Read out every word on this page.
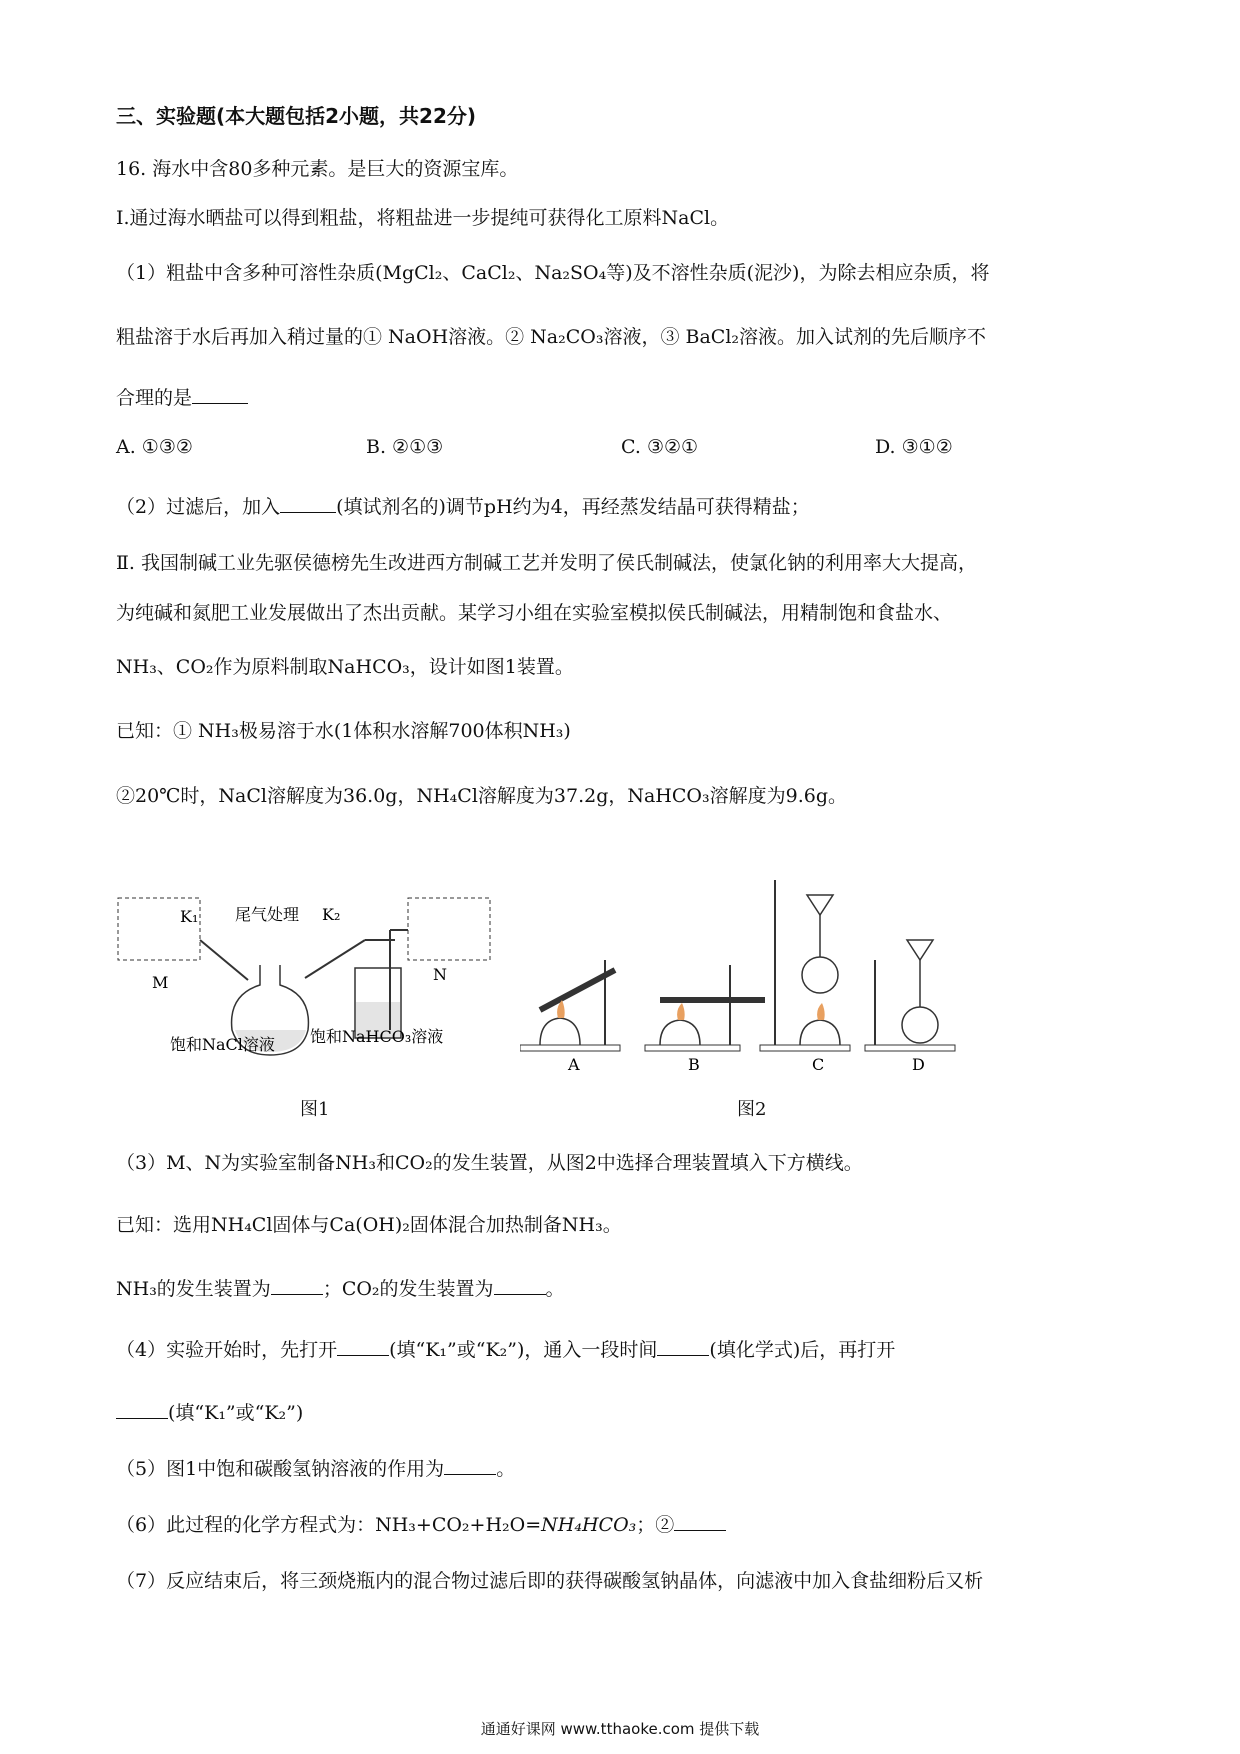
三、实验题(本大题包括2小题，共22分)
16. 海水中含80多种元素。是巨大的资源宝库。
Ⅰ.通过海水晒盐可以得到粗盐，将粗盐进一步提纯可获得化工原料NaCl。
（1）粗盐中含多种可溶性杂质(MgCl₂、CaCl₂、Na₂SO₄等)及不溶性杂质(泥沙)，为除去相应杂质，将
粗盐溶于水后再加入稍过量的① NaOH溶液。② Na₂CO₃溶液，③ BaCl₂溶液。加入试剂的先后顺序不
合理的是
A. ①③②	B. ②①③	C. ③②①	D. ③①②
（2）过滤后，加入	(填试剂名的)调节pH约为4，再经蒸发结晶可获得精盐；
Ⅱ. 我国制碱工业先驱侯德榜先生改进西方制碱工艺并发明了侯氏制碱法，使氯化钠的利用率大大提高，
为纯碱和氮肥工业发展做出了杰出贡献。某学习小组在实验室模拟侯氏制碱法，用精制饱和食盐水、
NH₃、CO₂作为原料制取NaHCO₃，设计如图1装置。
已知：① NH₃极易溶于水(1体积水溶解700体积NH₃)
②20℃时，NaCl溶解度为36.0g，NH₄Cl溶解度为37.2g，NaHCO₃溶解度为9.6g。
K₁ 尾气处理 K₂
M	N
饱和NaCl溶液 饱和NaHCO₃溶液
图1
A	B	C	D
图2
（3）M、N为实验室制备NH₃和CO₂的发生装置，从图2中选择合理装置填入下方横线。
已知：选用NH₄Cl固体与Ca(OH)₂固体混合加热制备NH₃。
NH₃的发生装置为	；CO₂的发生装置为	。
（4）实验开始时，先打开	(填“K₁”或“K₂”)，通入一段时间	(填化学式)后，再打开
(填“K₁”或“K₂”)
（5）图1中饱和碳酸氢钠溶液的作用为	。
（6）此过程的化学方程式为：NH₃+CO₂+H₂O=NH₄HCO₃；②
（7）反应结束后，将三颈烧瓶内的混合物过滤后即的获得碳酸氢钠晶体，向滤液中加入食盐细粉后又析
通通好课网 www.tthaoke.com 提供下载
